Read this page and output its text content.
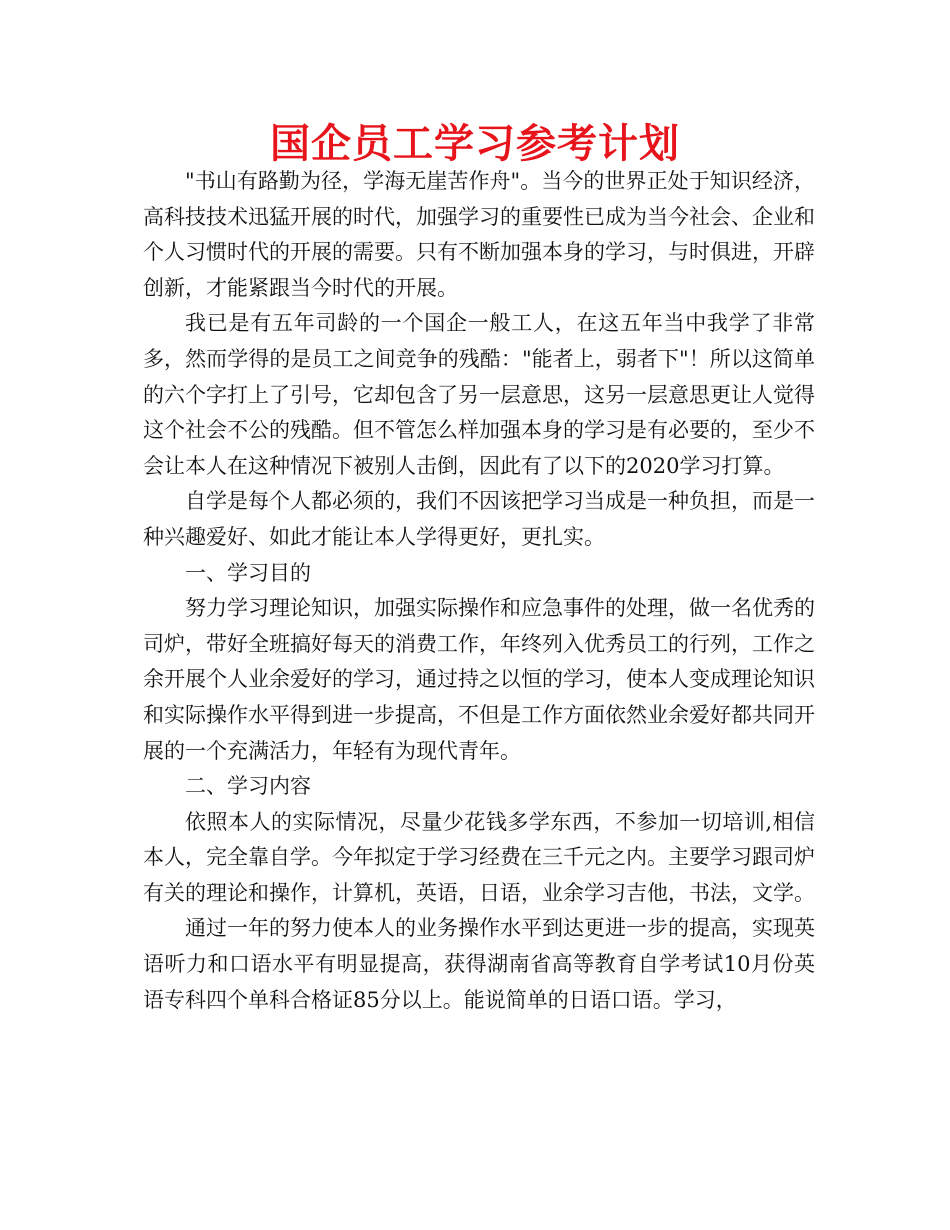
国企员工学习参考计划

"书山有路勤为径，学海无崖苦作舟"。当今的世界正处于知识经济，高科技技术迅猛开展的时代，加强学习的重要性已成为当今社会、企业和个人习惯时代的开展的需要。只有不断加强本身的学习，与时俱进，开辟创新，才能紧跟当今时代的开展。

我已是有五年司龄的一个国企一般工人，在这五年当中我学了非常多，然而学得的是员工之间竞争的残酷："能者上，弱者下"！所以这简单的六个字打上了引号，它却包含了另一层意思，这另一层意思更让人觉得这个社会不公的残酷。但不管怎么样加强本身的学习是有必要的，至少不会让本人在这种情况下被别人击倒，因此有了以下的2020学习打算。

自学是每个人都必须的，我们不因该把学习当成是一种负担，而是一种兴趣爱好、如此才能让本人学得更好，更扎实。

一、学习目的

努力学习理论知识，加强实际操作和应急事件的处理，做一名优秀的司炉，带好全班搞好每天的消费工作，年终列入优秀员工的行列，工作之余开展个人业余爱好的学习，通过持之以恒的学习，使本人变成理论知识和实际操作水平得到进一步提高，不但是工作方面依然业余爱好都共同开展的一个充满活力，年轻有为现代青年。

二、学习内容

依照本人的实际情况，尽量少花钱多学东西，不参加一切培训,相信本人，完全靠自学。今年拟定于学习经费在三千元之内。主要学习跟司炉有关的理论和操作，计算机，英语，日语，业余学习吉他，书法，文学。

通过一年的努力使本人的业务操作水平到达更进一步的提高，实现英语听力和口语水平有明显提高，获得湖南省高等教育自学考试10月份英语专科四个单科合格证85分以上。能说简单的日语口语。学习，
